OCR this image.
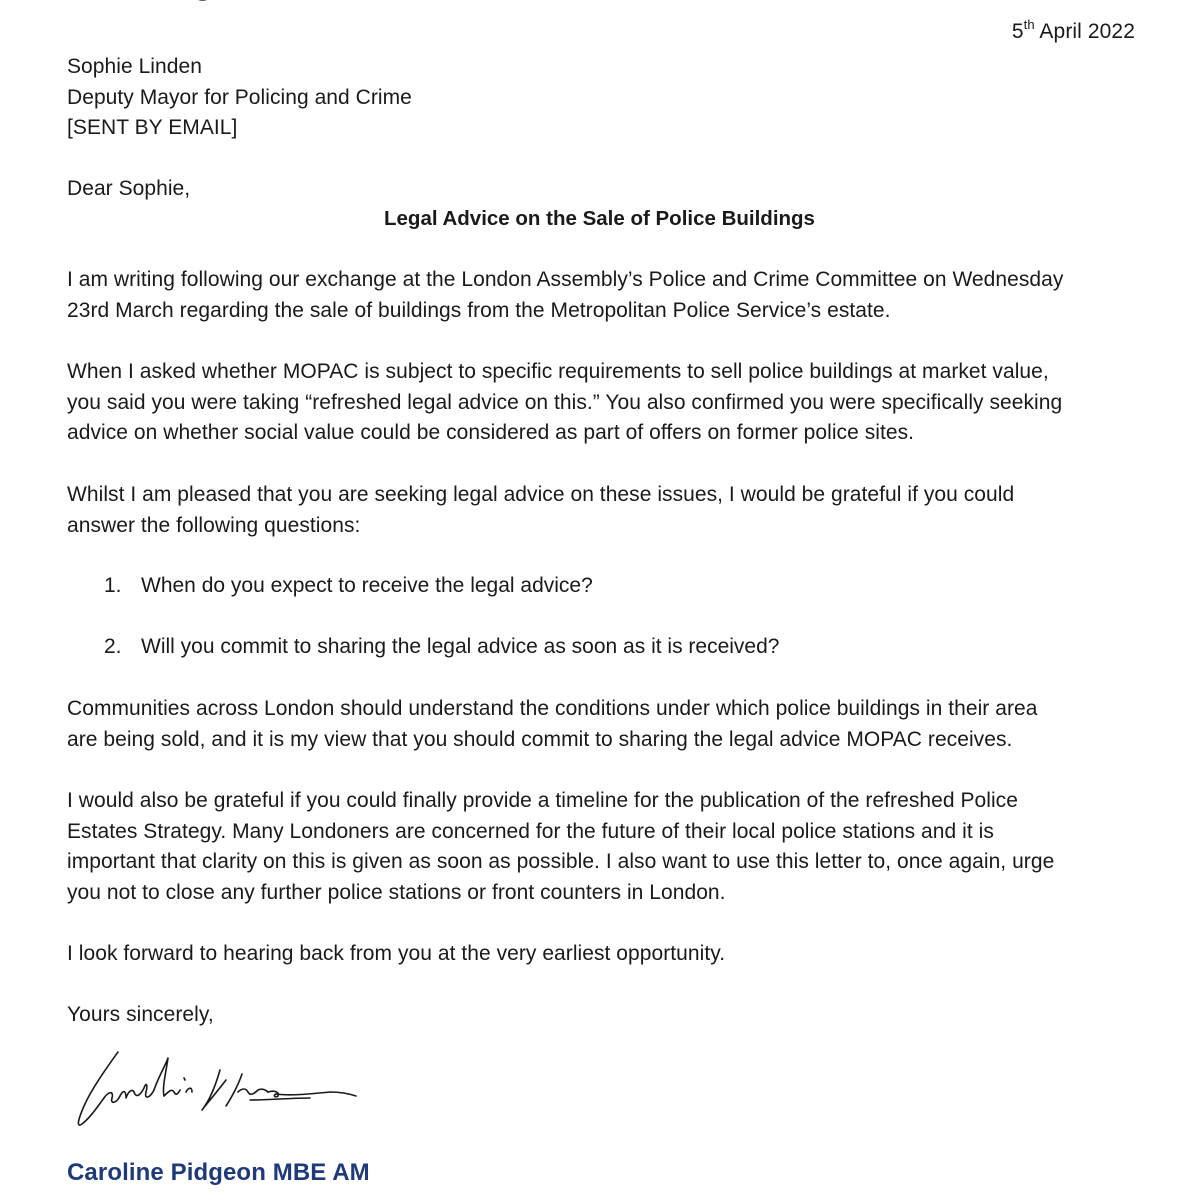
5th April 2022
Sophie Linden
Deputy Mayor for Policing and Crime
[SENT BY EMAIL]
Dear Sophie,
Legal Advice on the Sale of Police Buildings
I am writing following our exchange at the London Assembly’s Police and Crime Committee on Wednesday
23rd March regarding the sale of buildings from the Metropolitan Police Service’s estate.
When I asked whether MOPAC is subject to specific requirements to sell police buildings at market value,
you said you were taking “refreshed legal advice on this.” You also confirmed you were specifically seeking
advice on whether social value could be considered as part of offers on former police sites.
Whilst I am pleased that you are seeking legal advice on these issues, I would be grateful if you could
answer the following questions:
1. When do you expect to receive the legal advice?
2. Will you commit to sharing the legal advice as soon as it is received?
Communities across London should understand the conditions under which police buildings in their area
are being sold, and it is my view that you should commit to sharing the legal advice MOPAC receives.
I would also be grateful if you could finally provide a timeline for the publication of the refreshed Police
Estates Strategy. Many Londoners are concerned for the future of their local police stations and it is
important that clarity on this is given as soon as possible. I also want to use this letter to, once again, urge
you not to close any further police stations or front counters in London.
I look forward to hearing back from you at the very earliest opportunity.
Yours sincerely,
Caroline Pidgeon MBE AM
